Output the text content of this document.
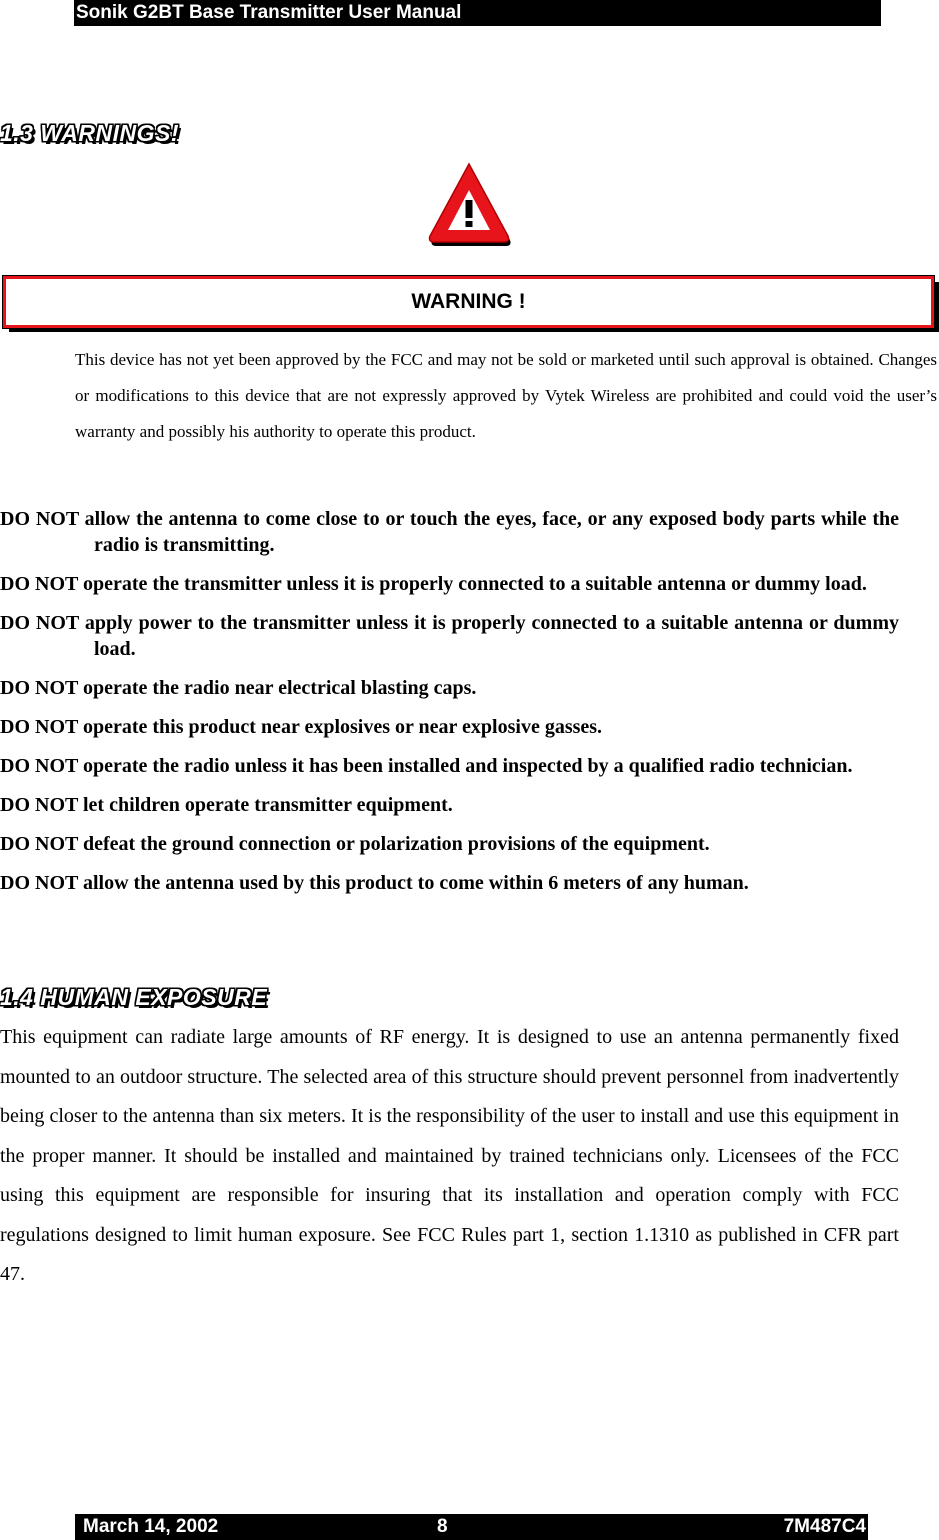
Sonik G2BT Base Transmitter User Manual
1.3 WARNINGS!
WARNING !
This device has not yet been approved by the FCC and may not be sold or marketed until such approval is obtained. Changes or modifications to this device that are not expressly approved by Vytek Wireless are prohibited and could void the user’s warranty and possibly his authority to operate this product.
DO NOT allow the antenna to come close to or touch the eyes, face, or any exposed body parts while the radio is transmitting.
DO NOT operate the transmitter unless it is properly connected to a suitable antenna or dummy load.
DO NOT apply power to the transmitter unless it is properly connected to a suitable antenna or dummy load.
DO NOT operate the radio near electrical blasting caps.
DO NOT operate this product near explosives or near explosive gasses.
DO NOT operate the radio unless it has been installed and inspected by a qualified radio technician.
DO NOT let children operate transmitter equipment.
DO NOT defeat the ground connection or polarization provisions of the equipment.
DO NOT allow the antenna used by this product to come within 6 meters of any human.
1.4 HUMAN EXPOSURE
This equipment can radiate large amounts of RF energy. It is designed to use an antenna permanently fixed mounted to an outdoor structure. The selected area of this structure should prevent personnel from inadvertently being closer to the antenna than six meters. It is the responsibility of the user to install and use this equipment in the proper manner. It should be installed and maintained by trained technicians only. Licensees of the FCC using this equipment are responsible for insuring that its installation and operation comply with FCC regulations designed to limit human exposure. See FCC Rules part 1, section 1.1310 as published in CFR part 47.
March 14, 2002	8	7M487C4
